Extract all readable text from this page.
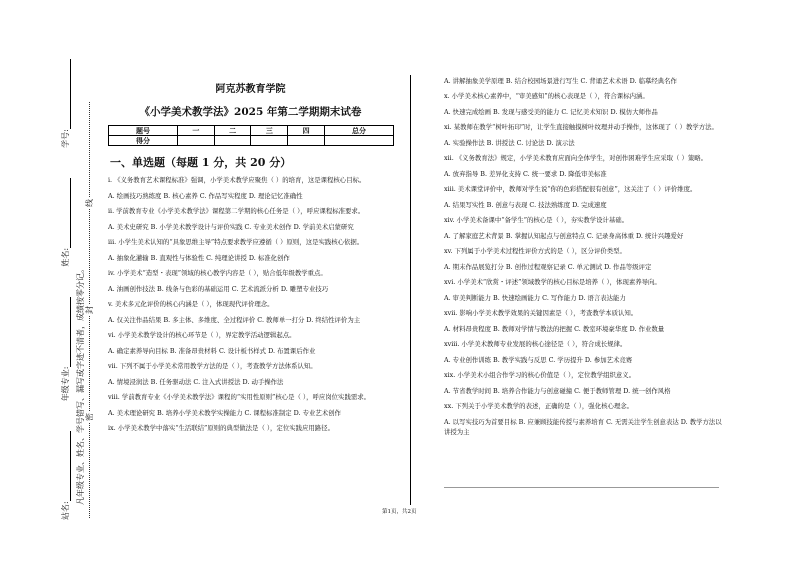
站名:
年级专业:
姓名:
学号:
凡年级专业、姓名、学号错写、漏写或字迹不清者，成绩按零分记。 密
封
线
阿克苏教育学院
《小学美术教学法》2025 年第二学期期末试卷
题号	一	二	三	四	总分
得分					
一、单选题（每题 1 分，共 20 分）
i. 《义务教育艺术课程标准》强调，小学美术教学应聚焦（ ）的培育，这是课程核心目标。
A. 绘画技巧熟练度 B. 核心素养 C. 作品写实程度 D. 理论记忆准确性
ii. 学前教育专业《小学美术教学法》课程第二学期的核心任务是（ ），呼应课程标准要求。
A. 美术史研究 B. 小学美术教学设计与评价实践 C. 专业美术创作 D. 学前美术启蒙研究
iii. 小学生美术认知的“具象思维主导”特点要求教学应遵循（ ）原则，这是实践核心依据。
A. 抽象化灌输 B. 直观性与体验性 C. 纯理论讲授 D. 标准化创作
iv. 小学美术“造型・表现”领域的核心教学内容是（ ），贴合低年级教学重点。
A. 油画创作技法 B. 线条与色彩的基础运用 C. 艺术流派分析 D. 雕塑专业技巧
v. 美术多元化评价的核心内涵是（ ），体现现代评价理念。
A. 仅关注作品结果 B. 多主体、多维度、全过程评价 C. 教师单一打分 D. 终结性评价为主
vi. 小学美术教学设计的核心环节是（ ），界定教学活动逻辑起点。
A. 确定素养导向目标 B. 准备昂贵材料 C. 设计板书样式 D. 布置课后作业
vii. 下列不属于小学美术常用教学方法的是（ ），考查教学方法体系认知。
A. 情境浸润法 B. 任务驱动法 C. 注入式讲授法 D. 动手操作法
viii. 学前教育专业《小学美术教学法》课程的“实用性原则”核心是（ ），呼应岗位实践需求。
A. 美术理论研究 B. 培养小学美术教学实操能力 C. 课程标准制定 D. 专业艺术创作
ix. 小学美术教学中落实“生活联结”原则的典型做法是（ ），定位实践应用路径。
A. 讲解抽象美学原理 B. 结合校园场景进行写生 C. 背诵艺术术语 D. 临摹经典名作
x. 小学美术核心素养中，“审美感知”的核心表现是（ ），符合课标内涵。
A. 快速完成绘画 B. 发现与感受美的能力 C. 记忆美术知识 D. 模仿大师作品
xi. 某教师在教学“树叶拓印”时，让学生直接触摸树叶纹理并动手操作，这体现了（ ）教学方法。
A. 实验操作法 B. 讲授法 C. 讨论法 D. 演示法
xii. 《义务教育法》规定，小学美术教育应面向全体学生，对创作困难学生应采取（ ）策略。
A. 放弃指导 B. 差异化支持 C. 统一要求 D. 降低审美标准
xiii. 美术课堂评价中，教师对学生说“你的色彩搭配很有创意”，这关注了（ ）评价维度。
A. 结果写实性 B. 创意与表现 C. 技法熟练度 D. 完成速度
xiv. 小学美术备课中“备学生”的核心是（ ），夯实教学设计基础。
A. 了解家庭艺术背景 B. 掌握认知起点与创意特点 C. 记录身高体重 D. 统计兴趣爱好
xv. 下列属于小学美术过程性评价方式的是（ ），区分评价类型。
A. 期末作品展览打分 B. 创作过程观察记录 C. 单元测试 D. 作品等级评定
xvi. 小学美术“欣赏・评述”领域教学的核心目标是培养（ ），体现素养导向。
A. 审美判断能力 B. 快速绘画能力 C. 写作能力 D. 语言表达能力
xvii. 影响小学美术教学效果的关键因素是（ ），考查教学本质认知。
A. 材料昂贵程度 B. 教师对学情与教法的把握 C. 教室环境豪华度 D. 作业数量
xviii. 小学美术教师专业发展的核心途径是（ ），符合成长规律。
A. 专业创作训练 B. 教学实践与反思 C. 学历提升 D. 参加艺术竞赛
xix. 小学美术小组合作学习的核心价值是（ ），定位教学组织意义。
A. 节省教学时间 B. 培养合作能力与创意碰撞 C. 便于教师管理 D. 统一创作风格
xx. 下列关于小学美术教学的表述，正确的是（ ），强化核心理念。
A. 以写实技巧为首要目标 B. 应兼顾技能传授与素养培育 C. 无需关注学生创意表达 D. 教学方法以讲授为主
第1页，共2页
